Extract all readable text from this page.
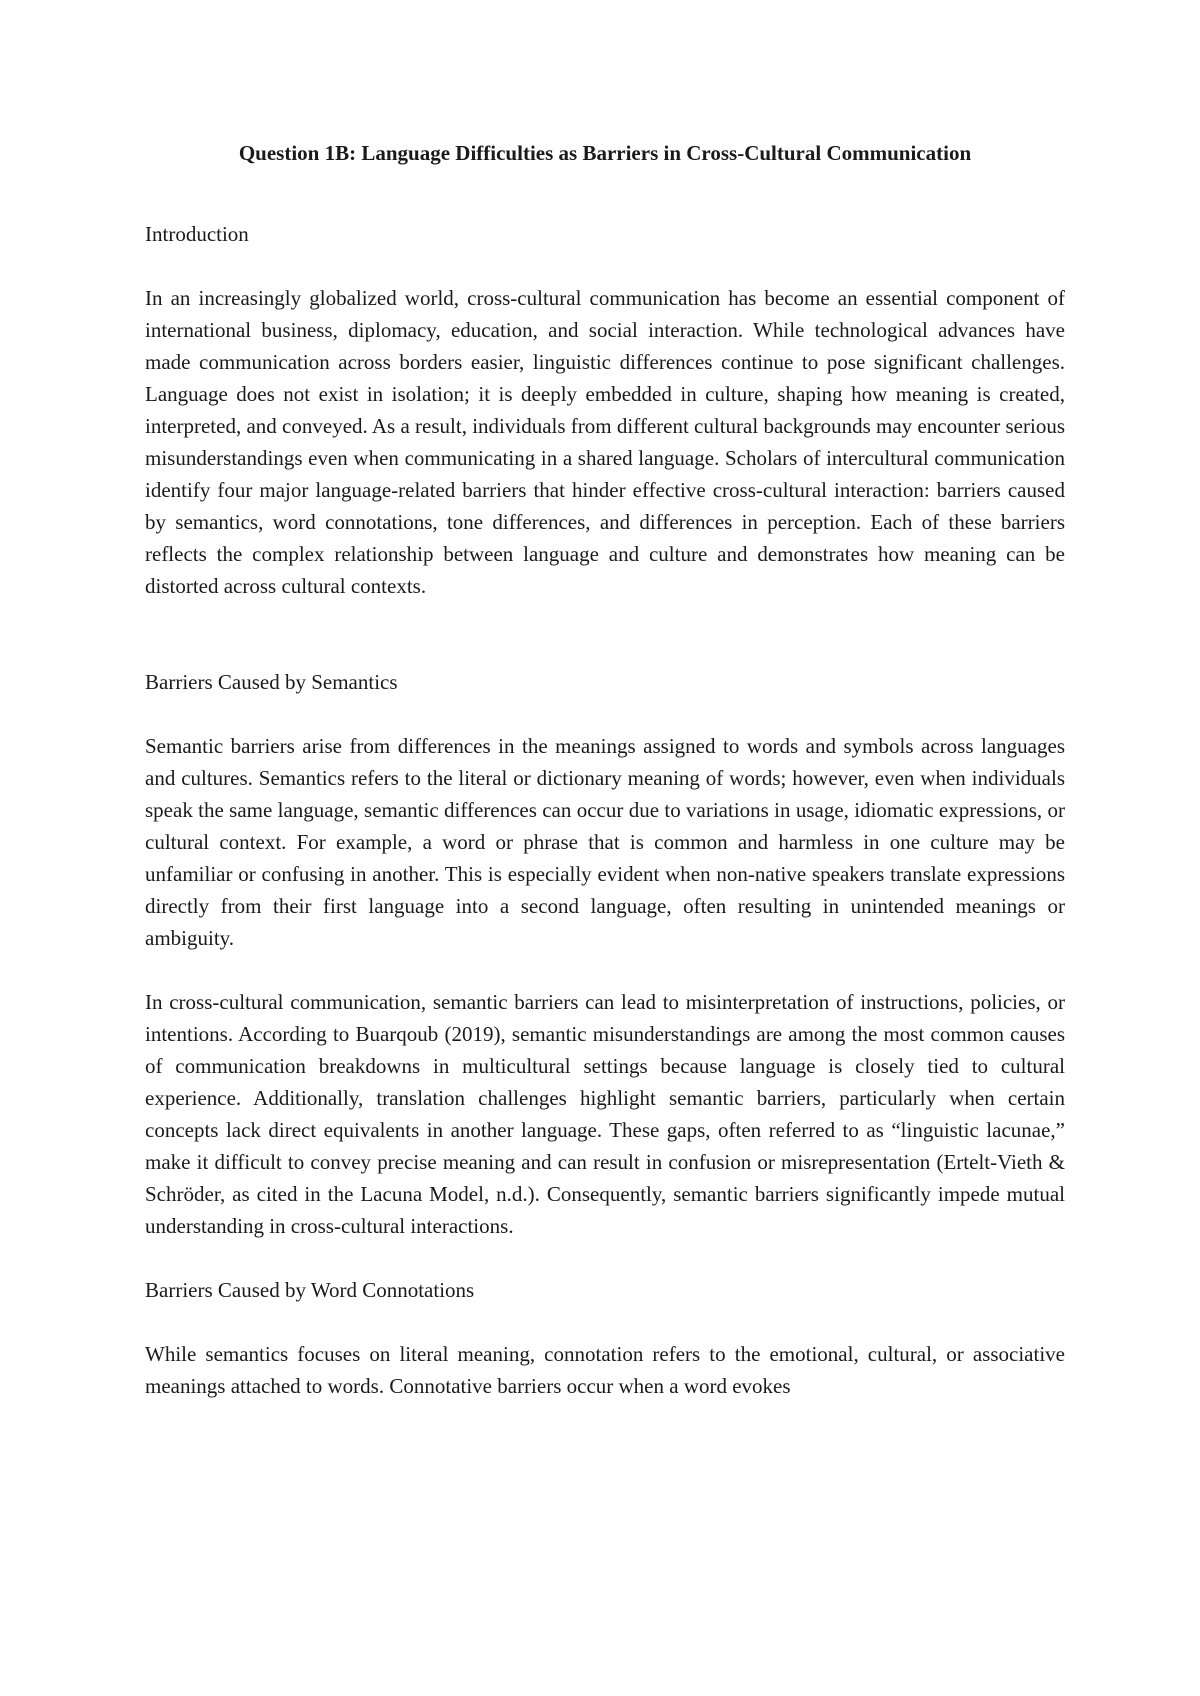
Question 1B: Language Difficulties as Barriers in Cross-Cultural Communication
Introduction

In an increasingly globalized world, cross-cultural communication has become an essential component of international business, diplomacy, education, and social interaction. While technological advances have made communication across borders easier, linguistic differences continue to pose significant challenges. Language does not exist in isolation; it is deeply embedded in culture, shaping how meaning is created, interpreted, and conveyed. As a result, individuals from different cultural backgrounds may encounter serious misunderstandings even when communicating in a shared language. Scholars of intercultural communication identify four major language-related barriers that hinder effective cross-cultural interaction: barriers caused by semantics, word connotations, tone differences, and differences in perception. Each of these barriers reflects the complex relationship between language and culture and demonstrates how meaning can be distorted across cultural contexts.

Barriers Caused by Semantics

Semantic barriers arise from differences in the meanings assigned to words and symbols across languages and cultures. Semantics refers to the literal or dictionary meaning of words; however, even when individuals speak the same language, semantic differences can occur due to variations in usage, idiomatic expressions, or cultural context. For example, a word or phrase that is common and harmless in one culture may be unfamiliar or confusing in another. This is especially evident when non-native speakers translate expressions directly from their first language into a second language, often resulting in unintended meanings or ambiguity.

In cross-cultural communication, semantic barriers can lead to misinterpretation of instructions, policies, or intentions. According to Buarqoub (2019), semantic misunderstandings are among the most common causes of communication breakdowns in multicultural settings because language is closely tied to cultural experience. Additionally, translation challenges highlight semantic barriers, particularly when certain concepts lack direct equivalents in another language. These gaps, often referred to as “linguistic lacunae,” make it difficult to convey precise meaning and can result in confusion or misrepresentation (Ertelt-Vieth & Schröder, as cited in the Lacuna Model, n.d.). Consequently, semantic barriers significantly impede mutual understanding in cross-cultural interactions.

Barriers Caused by Word Connotations

While semantics focuses on literal meaning, connotation refers to the emotional, cultural, or associative meanings attached to words. Connotative barriers occur when a word evokes
